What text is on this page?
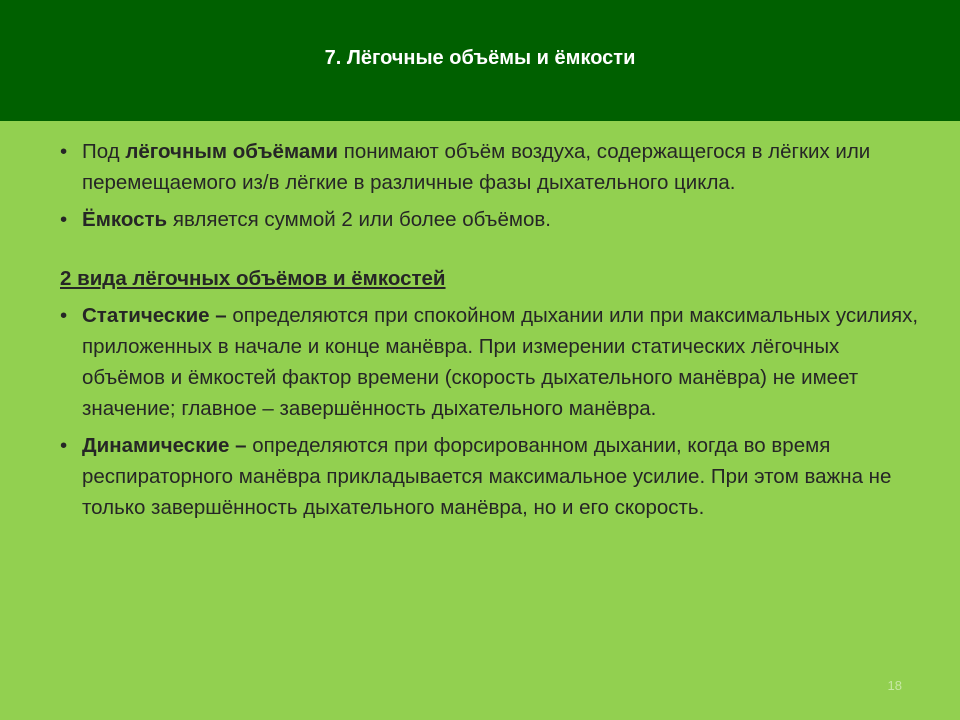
7. Лёгочные объёмы и ёмкости
• Под лёгочным объёмами понимают объём воздуха, содержащегося в лёгких или перемещаемого из/в лёгкие в различные фазы дыхательного цикла.
• Ёмкость является суммой 2 или более объёмов.
2 вида лёгочных объёмов и ёмкостей
• Статические – определяются при спокойном дыхании или при максимальных усилиях, приложенных в начале и конце манёвра. При измерении статических лёгочных объёмов и ёмкостей фактор времени (скорость дыхательного манёвра) не имеет значение; главное – завершённость дыхательного манёвра.
• Динамические – определяются при форсированном дыхании, когда во время респираторного манёвра прикладывается максимальное усилие. При этом важна не только завершённость дыхательного манёвра, но и его скорость.
18
